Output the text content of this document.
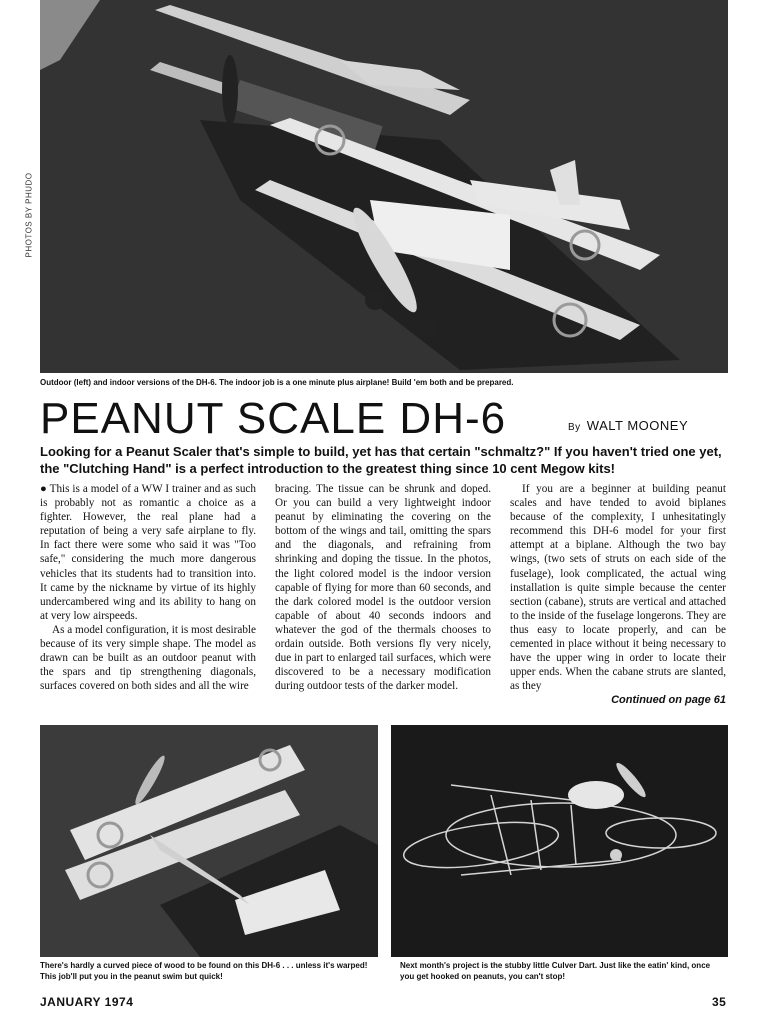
PHOTOS BY PHUDO
Outdoor (left) and indoor versions of the DH-6. The indoor job is a one minute plus airplane! Build 'em both and be prepared.
PEANUT SCALE DH-6	By WALT MOONEY
Looking for a Peanut Scaler that's simple to build, yet has that certain "schmaltz?" If you haven't tried one yet, the "Clutching Hand" is a perfect introduction to the greatest thing since 10 cent Megow kits!

● This is a model of a WW I trainer and as such is probably not as romantic a choice as a fighter. However, the real plane had a reputation of being a very safe airplane to fly. In fact there were some who said it was "Too safe," considering the much more dangerous vehicles that its students had to transition into. It came by the nickname by virtue of its highly undercambered wing and its ability to hang on at very low airspeeds.

As a model configuration, it is most desirable because of its very simple shape. The model as drawn can be built as an outdoor peanut with the spars and tip strengthening diagonals, surfaces covered on both sides and all the wire

bracing. The tissue can be shrunk and doped. Or you can build a very lightweight indoor peanut by eliminating the covering on the bottom of the wings and tail, omitting the spars and the diagonals, and refraining from shrinking and doping the tissue. In the photos, the light colored model is the indoor version capable of flying for more than 60 seconds, and the dark colored model is the outdoor version capable of about 40 seconds indoors and whatever the god of the thermals chooses to ordain outside. Both versions fly very nicely, due in part to enlarged tail surfaces, which were discovered to be a necessary modification during outdoor tests of the darker model.

If you are a beginner at building peanut scales and have tended to avoid biplanes because of the complexity, I unhesitatingly recommend this DH-6 model for your first attempt at a biplane. Although the two bay wings, (two sets of struts on each side of the fuselage), look complicated, the actual wing installation is quite simple because the center section (cabane), struts are vertical and attached to the inside of the fuselage longerons. They are thus easy to locate properly, and can be cemented in place without it being necessary to have the upper wing in order to locate their upper ends. When the cabane struts are slanted, as they

Continued on page 61
There's hardly a curved piece of wood to be found on this DH-6 . . . unless it's warped! This job'll put you in the peanut swim but quick!
Next month's project is the stubby little Culver Dart. Just like the eatin' kind, once you get hooked on peanuts, you can't stop!
JANUARY 1974	35
